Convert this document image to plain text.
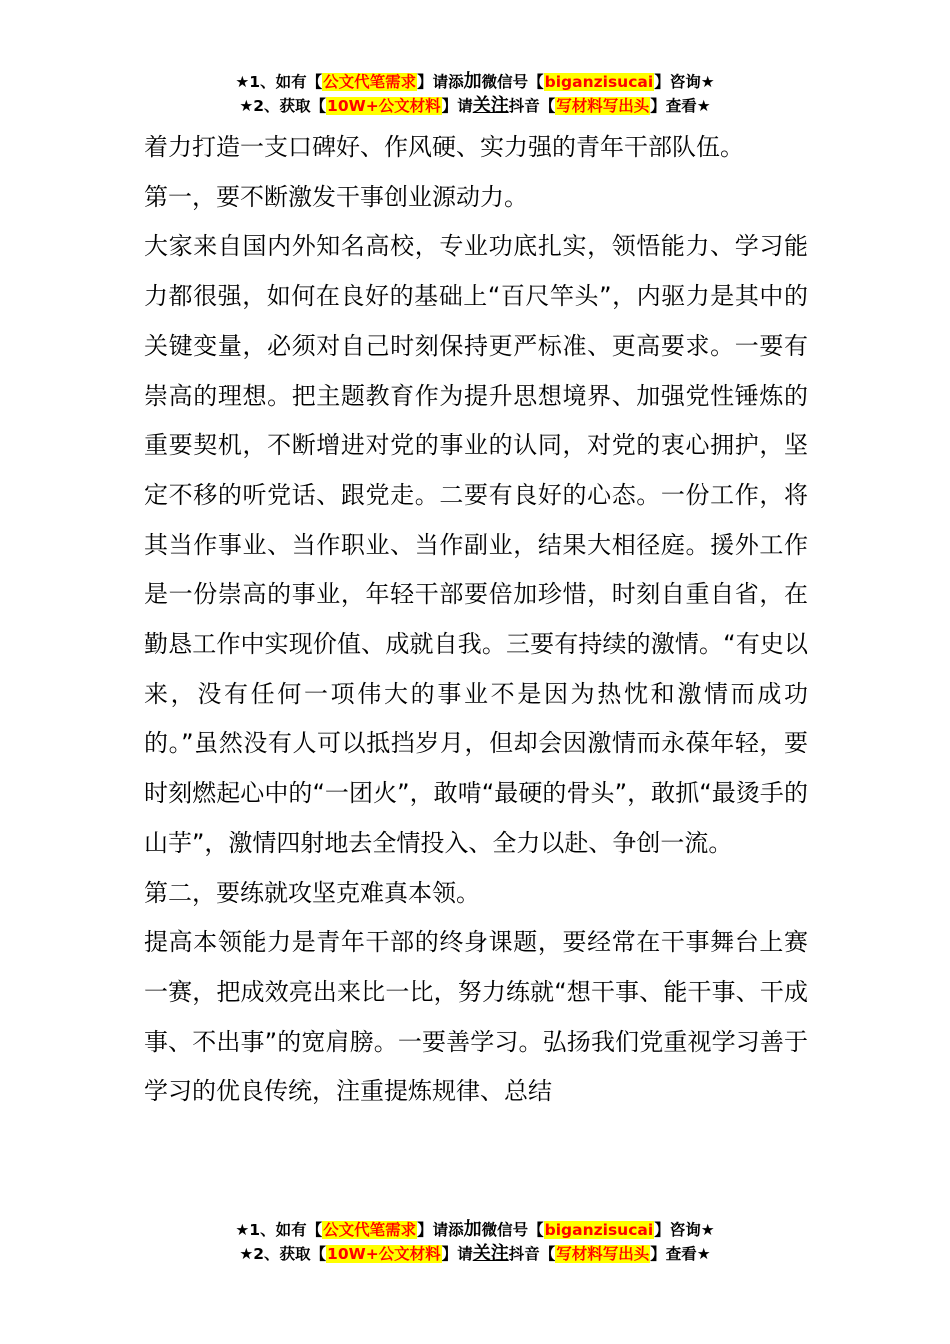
★1、如有【公文代笔需求】请添加微信号【biganzisucai】咨询★
★2、获取【10W+公文材料】请关注抖音【写材料写出头】查看★

着力打造一支口碑好、作风硬、实力强的青年干部队伍。

第一，要不断激发干事创业源动力。

大家来自国内外知名高校，专业功底扎实，领悟能力、学习能力都很强，如何在良好的基础上“百尺竿头”，内驱力是其中的关键变量，必须对自己时刻保持更严标准、更高要求。一要有崇高的理想。把主题教育作为提升思想境界、加强党性锤炼的重要契机，不断增进对党的事业的认同，对党的衷心拥护，坚定不移的听党话、跟党走。二要有良好的心态。一份工作，将其当作事业、当作职业、当作副业，结果大相径庭。援外工作是一份崇高的事业，年轻干部要倍加珍惜，时刻自重自省，在勤恳工作中实现价值、成就自我。三要有持续的激情。“有史以来，没有任何一项伟大的事业不是因为热忱和激情而成功的。”虽然没有人可以抵挡岁月，但却会因激情而永葆年轻，要时刻燃起心中的“一团火”，敢啃“最硬的骨头”，敢抓“最烫手的山芋”，激情四射地去全情投入、全力以赴、争创一流。

第二，要练就攻坚克难真本领。

提高本领能力是青年干部的终身课题，要经常在干事舞台上赛一赛，把成效亮出来比一比，努力练就“想干事、能干事、干成事、不出事”的宽肩膀。一要善学习。弘扬我们党重视学习善于学习的优良传统，注重提炼规律、总结

★1、如有【公文代笔需求】请添加微信号【biganzisucai】咨询★
★2、获取【10W+公文材料】请关注抖音【写材料写出头】查看★
